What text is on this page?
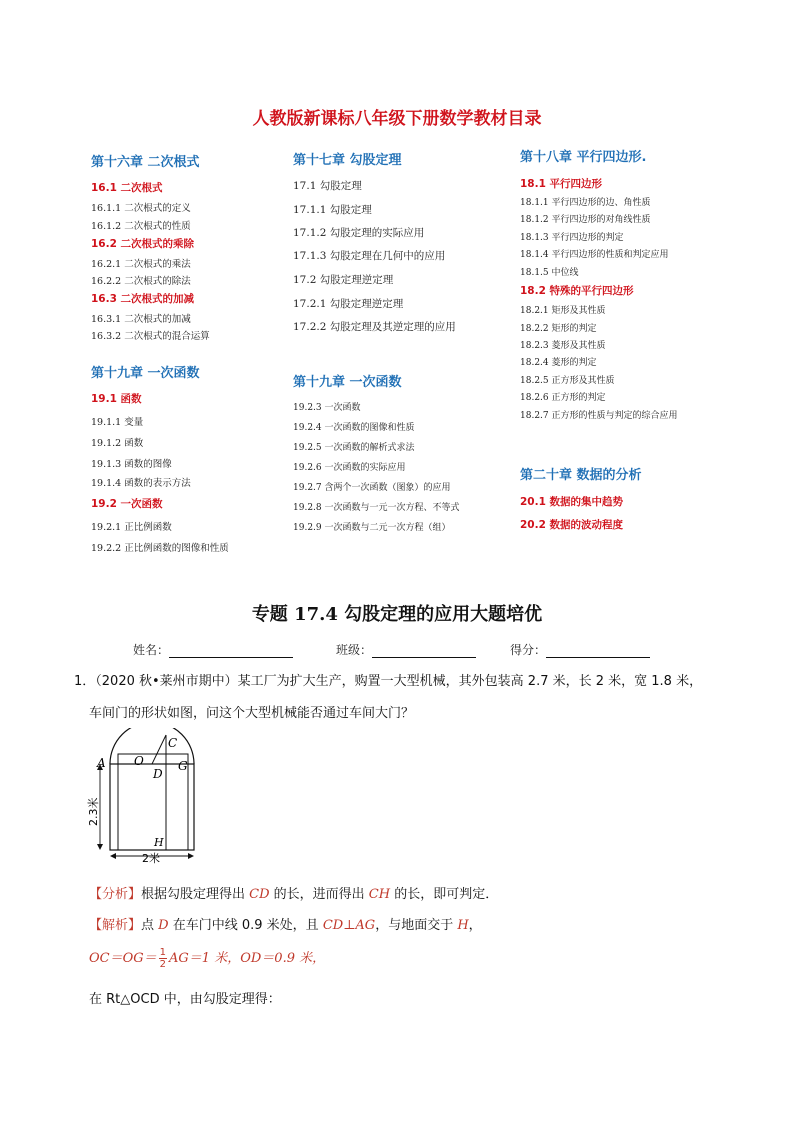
人教版新课标八年级下册数学教材目录
第十六章 二次根式
16.1 二次根式
16.1.1 二次根式的定义
16.1.2 二次根式的性质
16.2 二次根式的乘除
16.2.1 二次根式的乘法
16.2.2 二次根式的除法
16.3 二次根式的加减
16.3.1 二次根式的加减
16.3.2 二次根式的混合运算
第十九章 一次函数
19.1 函数
19.1.1 变量
19.1.2 函数
19.1.3 函数的图像
19.1.4 函数的表示方法
19.2 一次函数
19.2.1 正比例函数
19.2.2 正比例函数的图像和性质
第十七章 勾股定理
17.1 勾股定理
17.1.1 勾股定理
17.1.2 勾股定理的实际应用
17.1.3 勾股定理在几何中的应用
17.2 勾股定理逆定理
17.2.1 勾股定理逆定理
17.2.2 勾股定理及其逆定理的应用
第十九章 一次函数
19.2.3 一次函数
19.2.4 一次函数的图像和性质
19.2.5 一次函数的解析式求法
19.2.6 一次函数的实际应用
19.2.7 含两个一次函数（图象）的应用
19.2.8 一次函数与一元一次方程、不等式
19.2.9 一次函数与二元一次方程（组）
第十八章 平行四边形.
18.1 平行四边形
18.1.1 平行四边形的边、角性质
18.1.2 平行四边形的对角线性质
18.1.3 平行四边形的判定
18.1.4 平行四边形的性质和判定应用
18.1.5 中位线
18.2 特殊的平行四边形
18.2.1 矩形及其性质
18.2.2 矩形的判定
18.2.3 菱形及其性质
18.2.4 菱形的判定
18.2.5 正方形及其性质
18.2.6 正方形的判定
18.2.7 正方形的性质与判定的综合应用
第二十章 数据的分析
20.1 数据的集中趋势
20.2 数据的波动程度
专题 17.4 勾股定理的应用大题培优
姓名：	班级：	得分：
1．（2020 秋•莱州市期中）某工厂为扩大生产，购置一大型机械，其外包装高 2.7 米，长 2 米，宽 1.8 米，
车间门的形状如图，问这个大型机械能否通过车间大门？
A O
C
D
G
H
2.3米
2米
【分析】根据勾股定理得出 CD 的长，进而得出 CH 的长，即可判定．
【解析】点 D 在车门中线 0.9 米处，且 CD⊥AG，与地面交于 H，
$OC=OG= \frac{1}{2} AG=1$ 米，OD＝0.9 米，
在 Rt△OCD 中，由勾股定理得：
